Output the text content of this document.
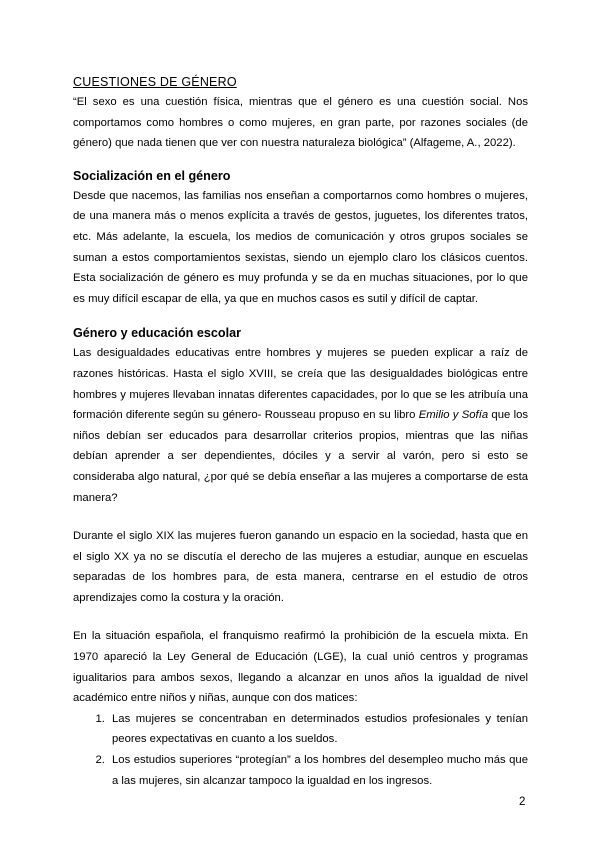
CUESTIONES DE GÉNERO

“El sexo es una cuestión física, mientras que el género es una cuestión social. Nos comportamos como hombres o como mujeres, en gran parte, por razones sociales (de género) que nada tienen que ver con nuestra naturaleza biológica” (Alfageme, A., 2022).

Socialización en el género

Desde que nacemos, las familias nos enseñan a comportarnos como hombres o mujeres, de una manera más o menos explícita a través de gestos, juguetes, los diferentes tratos, etc. Más adelante, la escuela, los medios de comunicación y otros grupos sociales se suman a estos comportamientos sexistas, siendo un ejemplo claro los clásicos cuentos. Esta socialización de género es muy profunda y se da en muchas situaciones, por lo que es muy difícil escapar de ella, ya que en muchos casos es sutil y difícil de captar.

Género y educación escolar

Las desigualdades educativas entre hombres y mujeres se pueden explicar a raíz de razones históricas. Hasta el siglo XVIII, se creía que las desigualdades biológicas entre hombres y mujeres llevaban innatas diferentes capacidades, por lo que se les atribuía una formación diferente según su género- Rousseau propuso en su libro Emilio y Sofía que los niños debían ser educados para desarrollar criterios propios, mientras que las niñas debían aprender a ser dependientes, dóciles y a servir al varón, pero si esto se consideraba algo natural, ¿por qué se debía enseñar a las mujeres a comportarse de esta manera?

Durante el siglo XIX las mujeres fueron ganando un espacio en la sociedad, hasta que en el siglo XX ya no se discutía el derecho de las mujeres a estudiar, aunque en escuelas separadas de los hombres para, de esta manera, centrarse en el estudio de otros aprendizajes como la costura y la oración.

En la situación española, el franquismo reafirmó la prohibición de la escuela mixta. En 1970 apareció la Ley General de Educación (LGE), la cual unió centros y programas igualitarios para ambos sexos, llegando a alcanzar en unos años la igualdad de nivel académico entre niños y niñas, aunque con dos matices:

1. Las mujeres se concentraban en determinados estudios profesionales y tenían peores expectativas en cuanto a los sueldos.
2. Los estudios superiores “protegían” a los hombres del desempleo mucho más que a las mujeres, sin alcanzar tampoco la igualdad en los ingresos.
2
